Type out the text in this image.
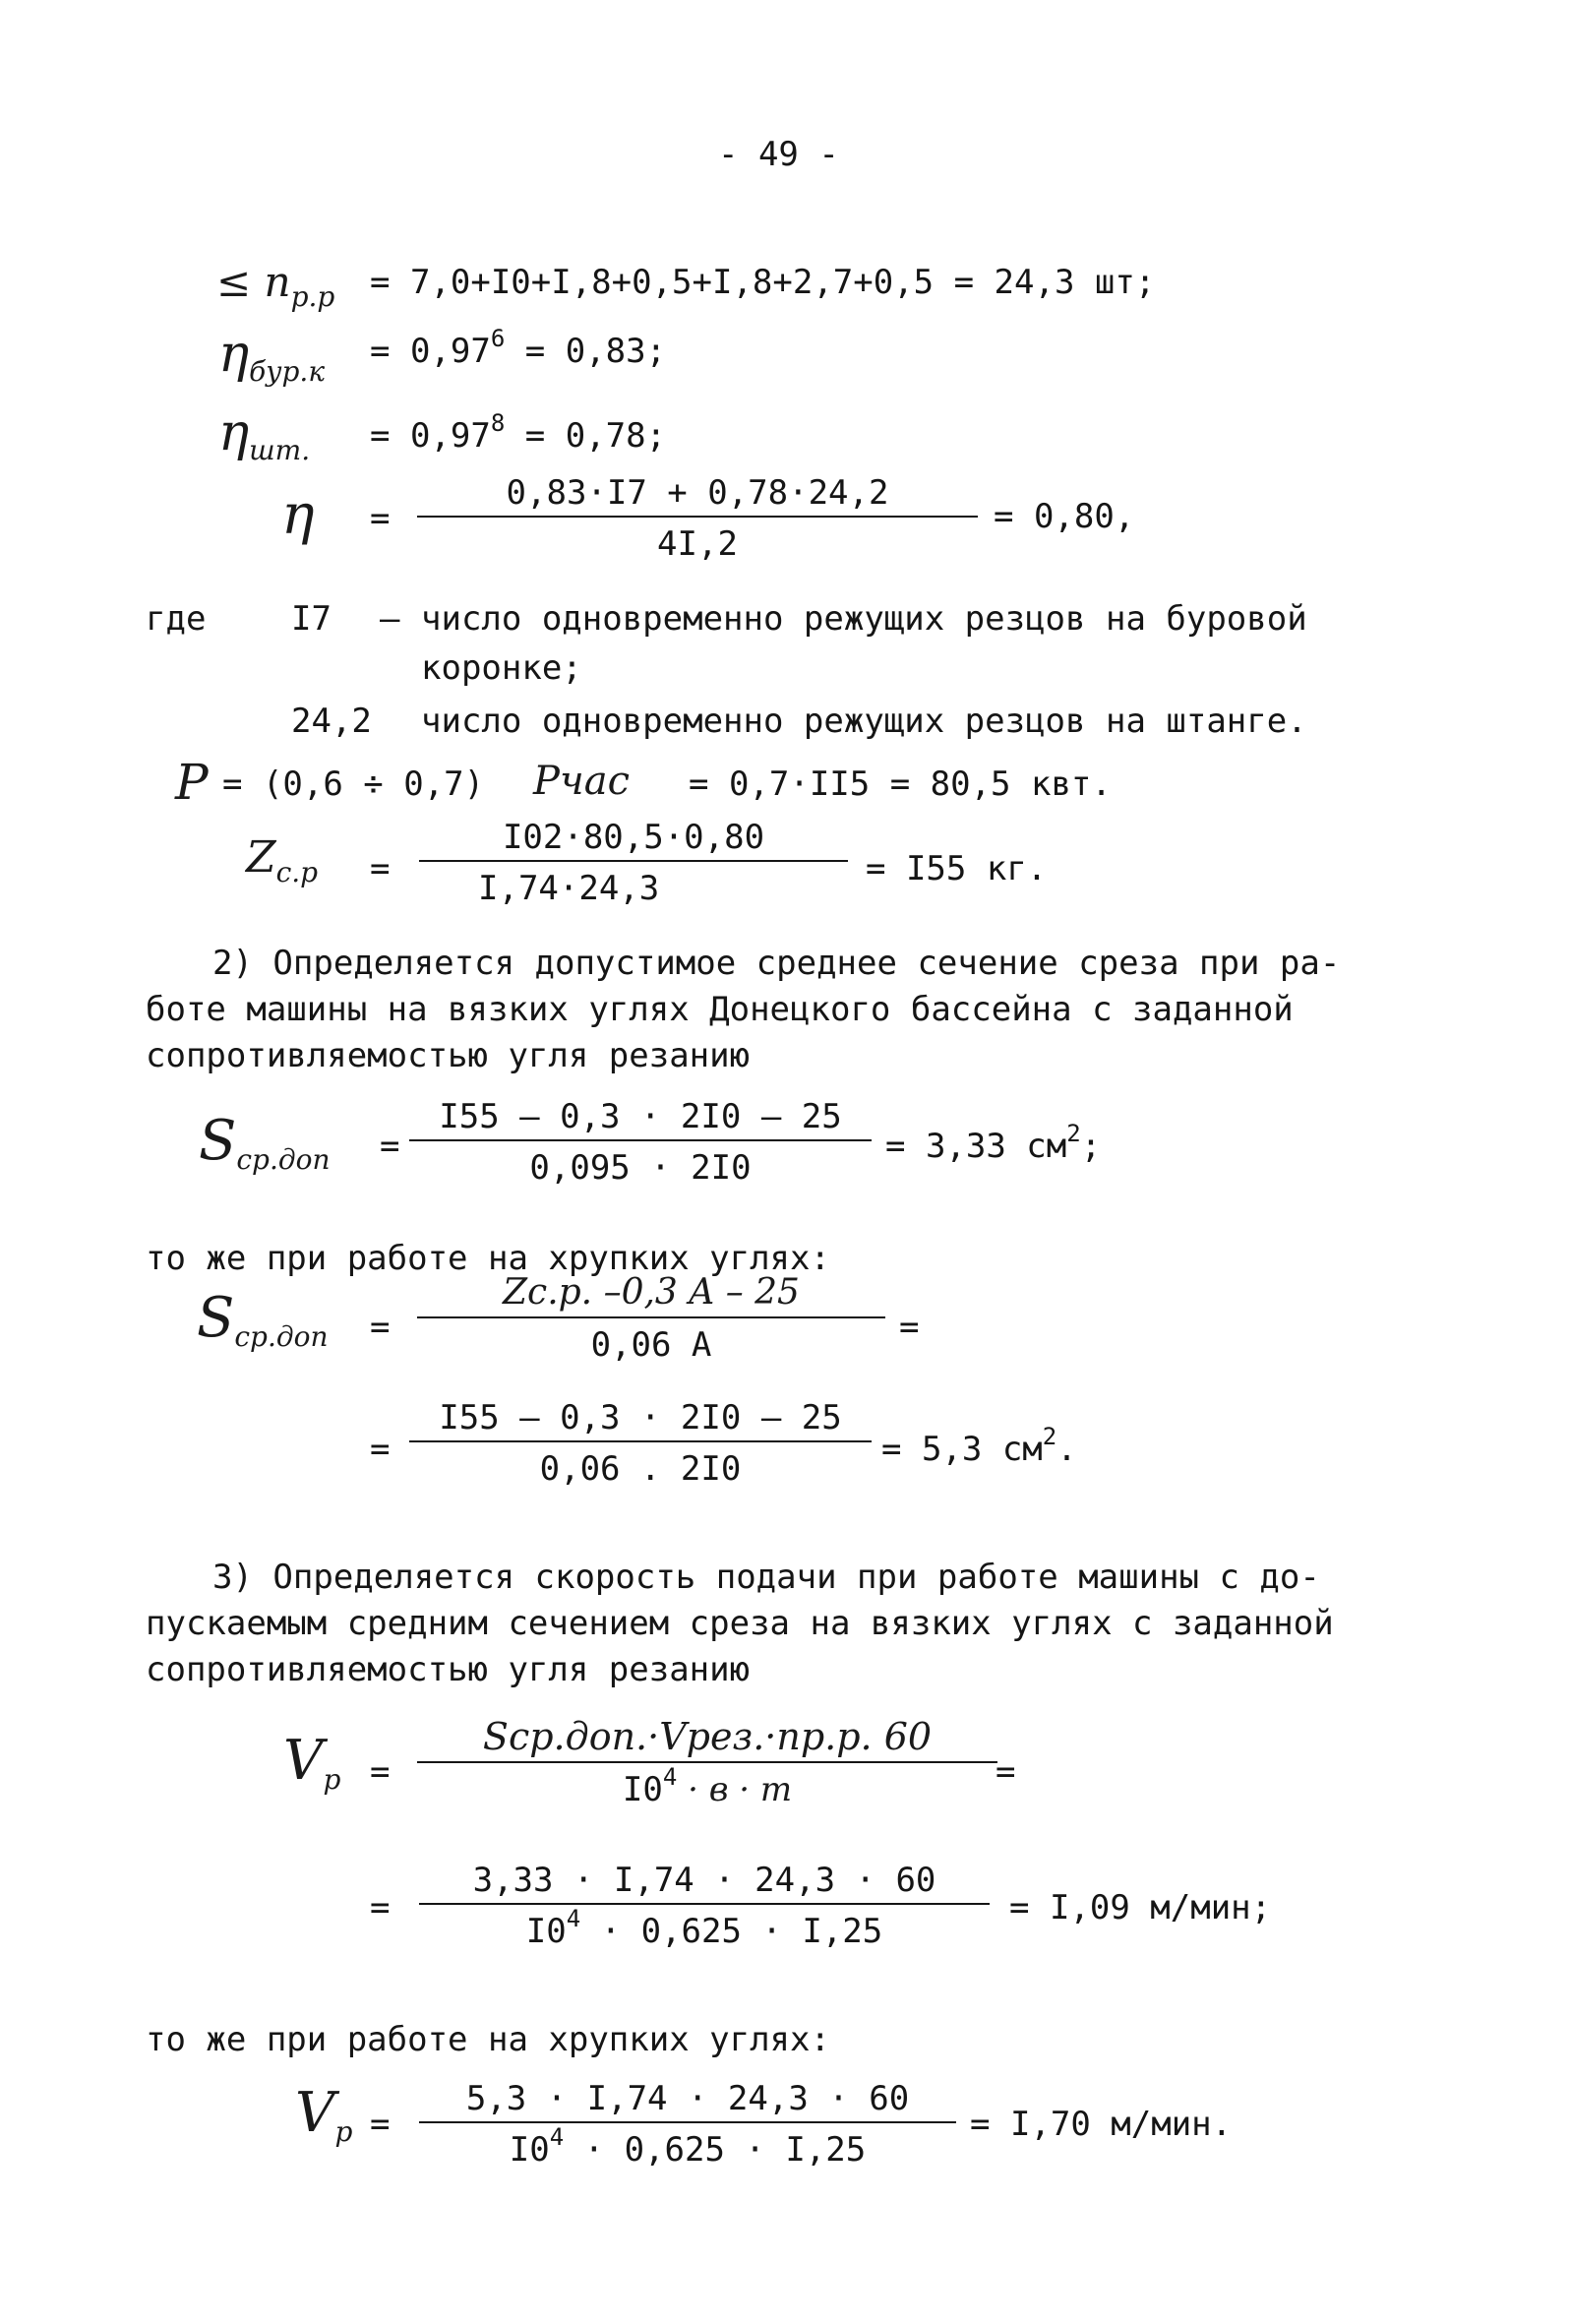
- 49 -
≤ $n_{p.p} = 7,0+I0+I,8+0,5+I,8+2,7+0,5 = 24,3$ шт;
$\eta_{бур.к}$
= $0,97^6 = 0,83$;
$\eta_{шт.} = 0,97^8 = 0,78$;
$\eta = \frac{0,83\cdot I7 + 0,78\cdot 24,2}{4I,2} = 0,80$,
где	I7 – число одновременно режущих резцов на буровой
коронке;
24,2 число одновременно режущих резцов на штанге.
P = (0,6 ÷ 0,7) Pчас = 0,7·II5 = 80,5 квт.
$Z_{c.p} = \frac{I02\cdot 80,5\cdot 0,80}{I,74\cdot 24,3} = I55$ кг.
2) Определяется допустимое среднее сечение среза при ра-
боте машины на вязких углях Донецкого бассейна с заданной
сопротивляемостью угля резанию
$S_{cp.доп} = \frac{I55 - 0,3 \cdot 2I0 - 25}{0,095 \cdot 2I0} = 3,33$ $см^2$;
то же при работе на хрупких углях:
$S_{cp.доп} = \frac{Zc.p. -0,3 A - 25}{0,06 A}$ =
= $\frac{I55 - 0,3 \cdot 2I0 - 25}{0,06 . 2I0} = 5,3$ $см^2$.
3) Определяется скорость подачи при работе машины с до-
пускаемым средним сечением среза на вязких углях с заданной
сопротивляемостью угля резанию
$V_p$ =
Sср.доп.·Vрез.·np.p. 60
$I0^4 \cdot в \cdot m$	=
= $\frac{3,33 \cdot I,74 \cdot 24,3 \cdot 60}{I0^4 \cdot 0,625 \cdot I,25} = I,09$ м/мин;
то же при работе на хрупких углях:
$V_p = \frac{5,3 \cdot I,74 \cdot 24,3 \cdot 60}{I0^4 \cdot 0,625 \cdot I,25} = I,70$ м/мин.
